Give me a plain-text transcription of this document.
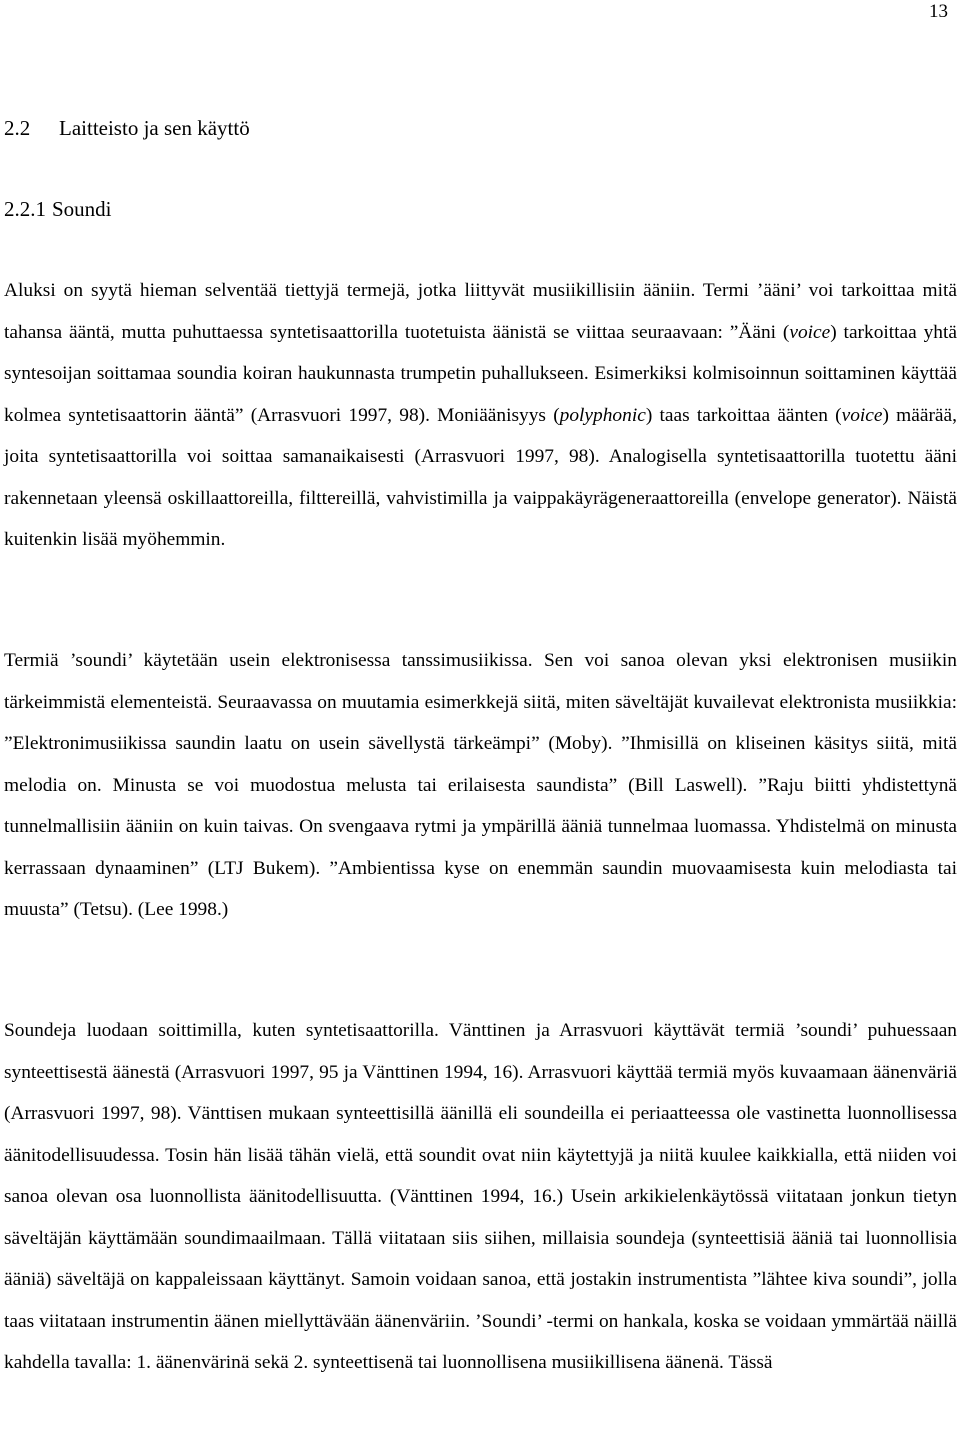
13
2.2 Laitteisto ja sen käyttö
2.2.1 Soundi

Aluksi on syytä hieman selventää tiettyjä termejä, jotka liittyvät musiikillisiin ääniin. Termi ’ääni’ voi tarkoittaa mitä tahansa ääntä, mutta puhuttaessa syntetisaattorilla tuotetuista äänistä se viittaa seuraavaan: ”Ääni (voice) tarkoittaa yhtä syntesoijan soittamaa soundia koiran haukunnasta trumpetin puhallukseen. Esimerkiksi kolmisoinnun soittaminen käyttää kolmea syntetisaattorin ääntä” (Arrasvuori 1997, 98). Moniäänisyys (polyphonic) taas tarkoittaa äänten (voice) määrää, joita syntetisaattorilla voi soittaa samanaikaisesti (Arrasvuori 1997, 98). Analogisella syntetisaattorilla tuotettu ääni rakennetaan yleensä oskillaattoreilla, filttereillä, vahvistimilla ja vaippakäyrägeneraattoreilla (envelope generator). Näistä kuitenkin lisää myöhemmin.

Termiä ’soundi’ käytetään usein elektronisessa tanssimusiikissa. Sen voi sanoa olevan yksi elektronisen musiikin tärkeimmistä elementeistä. Seuraavassa on muutamia esimerkkejä siitä, miten säveltäjät kuvailevat elektronista musiikkia: ”Elektronimusiikissa saundin laatu on usein sävellystä tärkeämpi” (Moby). ”Ihmisillä on kliseinen käsitys siitä, mitä melodia on. Minusta se voi muodostua melusta tai erilaisesta saundista” (Bill Laswell). ”Raju biitti yhdistettynä tunnelmallisiin ääniin on kuin taivas. On svengaava rytmi ja ympärillä ääniä tunnelmaa luomassa. Yhdistelmä on minusta kerrassaan dynaaminen” (LTJ Bukem). ”Ambientissa kyse on enemmän saundin muovaamisesta kuin melodiasta tai muusta” (Tetsu). (Lee 1998.)

Soundeja luodaan soittimilla, kuten syntetisaattorilla. Vänttinen ja Arrasvuori käyttävät termiä ’soundi’ puhuessaan synteettisestä äänestä (Arrasvuori 1997, 95 ja Vänttinen 1994, 16). Arrasvuori käyttää termiä myös kuvaamaan äänenväriä (Arrasvuori 1997, 98). Vänttisen mukaan synteettisillä äänillä eli soundeilla ei periaatteessa ole vastinetta luonnollisessa äänitodellisuudessa. Tosin hän lisää tähän vielä, että soundit ovat niin käytettyjä ja niitä kuulee kaikkialla, että niiden voi sanoa olevan osa luonnollista äänitodellisuutta. (Vänttinen 1994, 16.) Usein arkikielenkäytössä viitataan jonkun tietyn säveltäjän käyttämään soundimaailmaan. Tällä viitataan siis siihen, millaisia soundeja (synteettisiä ääniä tai luonnollisia ääniä) säveltäjä on kappaleissaan käyttänyt. Samoin voidaan sanoa, että jostakin instrumentista ”lähtee kiva soundi”, jolla taas viitataan instrumentin äänen miellyttävään äänenväriin. ’Soundi’ -termi on hankala, koska se voidaan ymmärtää näillä kahdella tavalla: 1. äänenvärinä sekä 2. synteettisenä tai luonnollisena musiikillisena äänenä. Tässä
